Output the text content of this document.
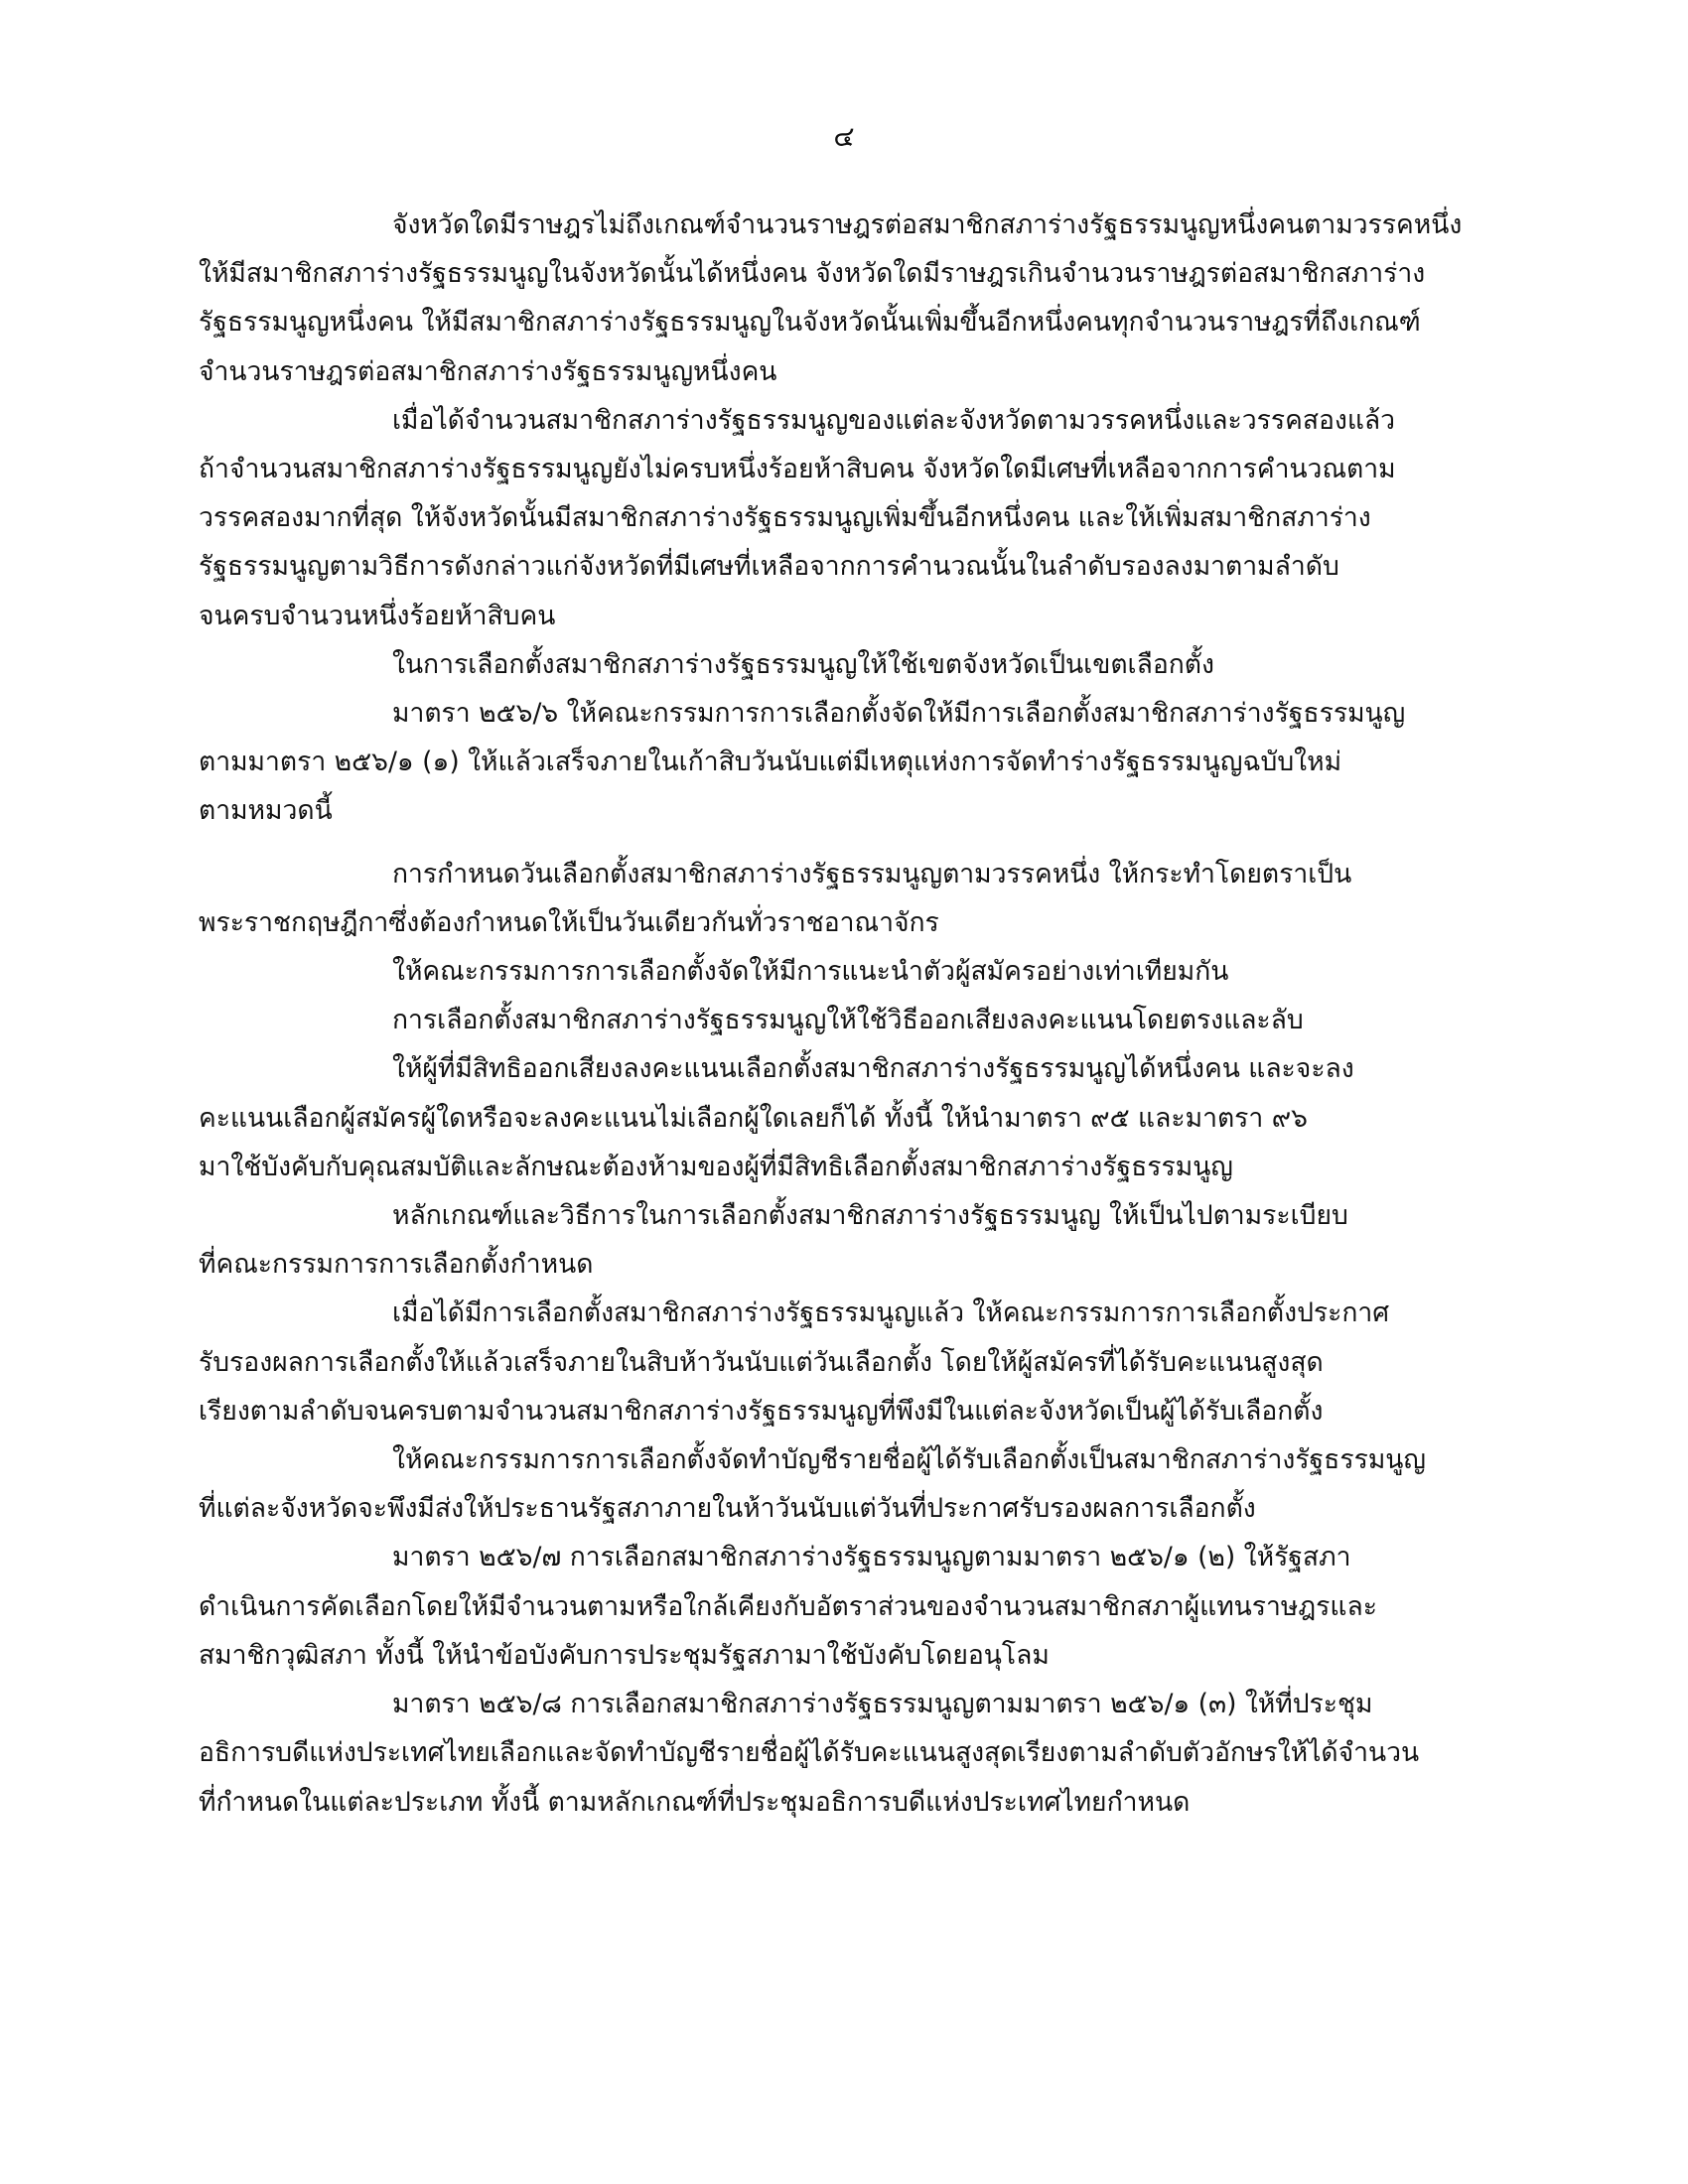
๔

จังหวัดใดมีราษฎรไม่ถึงเกณฑ์จำนวนราษฎรต่อสมาชิกสภาร่างรัฐธรรมนูญหนึ่งคนตามวรรคหนึ่ง
ให้มีสมาชิกสภาร่างรัฐธรรมนูญในจังหวัดนั้นได้หนึ่งคน จังหวัดใดมีราษฎรเกินจำนวนราษฎรต่อสมาชิกสภาร่าง
รัฐธรรมนูญหนึ่งคน ให้มีสมาชิกสภาร่างรัฐธรรมนูญในจังหวัดนั้นเพิ่มขึ้นอีกหนึ่งคนทุกจำนวนราษฎรที่ถึงเกณฑ์
จำนวนราษฎรต่อสมาชิกสภาร่างรัฐธรรมนูญหนึ่งคน

เมื่อได้จำนวนสมาชิกสภาร่างรัฐธรรมนูญของแต่ละจังหวัดตามวรรคหนึ่งและวรรคสองแล้ว
ถ้าจำนวนสมาชิกสภาร่างรัฐธรรมนูญยังไม่ครบหนึ่งร้อยห้าสิบคน จังหวัดใดมีเศษที่เหลือจากการคำนวณตาม
วรรคสองมากที่สุด ให้จังหวัดนั้นมีสมาชิกสภาร่างรัฐธรรมนูญเพิ่มขึ้นอีกหนึ่งคน และให้เพิ่มสมาชิกสภาร่าง
รัฐธรรมนูญตามวิธีการดังกล่าวแก่จังหวัดที่มีเศษที่เหลือจากการคำนวณนั้นในลำดับรองลงมาตามลำดับ
จนครบจำนวนหนึ่งร้อยห้าสิบคน

ในการเลือกตั้งสมาชิกสภาร่างรัฐธรรมนูญให้ใช้เขตจังหวัดเป็นเขตเลือกตั้ง

มาตรา ๒๕๖/๖ ให้คณะกรรมการการเลือกตั้งจัดให้มีการเลือกตั้งสมาชิกสภาร่างรัฐธรรมนูญ
ตามมาตรา ๒๕๖/๑ (๑) ให้แล้วเสร็จภายในเก้าสิบวันนับแต่มีเหตุแห่งการจัดทำร่างรัฐธรรมนูญฉบับใหม่
ตามหมวดนี้

การกำหนดวันเลือกตั้งสมาชิกสภาร่างรัฐธรรมนูญตามวรรคหนึ่ง ให้กระทำโดยตราเป็น
พระราชกฤษฎีกาซึ่งต้องกำหนดให้เป็นวันเดียวกันทั่วราชอาณาจักร

ให้คณะกรรมการการเลือกตั้งจัดให้มีการแนะนำตัวผู้สมัครอย่างเท่าเทียมกัน

การเลือกตั้งสมาชิกสภาร่างรัฐธรรมนูญให้ใช้วิธีออกเสียงลงคะแนนโดยตรงและลับ

ให้ผู้ที่มีสิทธิออกเสียงลงคะแนนเลือกตั้งสมาชิกสภาร่างรัฐธรรมนูญได้หนึ่งคน และจะลง
คะแนนเลือกผู้สมัครผู้ใดหรือจะลงคะแนนไม่เลือกผู้ใดเลยก็ได้ ทั้งนี้ ให้นำมาตรา ๙๕ และมาตรา ๙๖
มาใช้บังคับกับคุณสมบัติและลักษณะต้องห้ามของผู้ที่มีสิทธิเลือกตั้งสมาชิกสภาร่างรัฐธรรมนูญ

หลักเกณฑ์และวิธีการในการเลือกตั้งสมาชิกสภาร่างรัฐธรรมนูญ ให้เป็นไปตามระเบียบ
ที่คณะกรรมการการเลือกตั้งกำหนด

เมื่อได้มีการเลือกตั้งสมาชิกสภาร่างรัฐธรรมนูญแล้ว ให้คณะกรรมการการเลือกตั้งประกาศ
รับรองผลการเลือกตั้งให้แล้วเสร็จภายในสิบห้าวันนับแต่วันเลือกตั้ง โดยให้ผู้สมัครที่ได้รับคะแนนสูงสุด
เรียงตามลำดับจนครบตามจำนวนสมาชิกสภาร่างรัฐธรรมนูญที่พึงมีในแต่ละจังหวัดเป็นผู้ได้รับเลือกตั้ง

ให้คณะกรรมการการเลือกตั้งจัดทำบัญชีรายชื่อผู้ได้รับเลือกตั้งเป็นสมาชิกสภาร่างรัฐธรรมนูญ
ที่แต่ละจังหวัดจะพึงมีส่งให้ประธานรัฐสภาภายในห้าวันนับแต่วันที่ประกาศรับรองผลการเลือกตั้ง

มาตรา ๒๕๖/๗ การเลือกสมาชิกสภาร่างรัฐธรรมนูญตามมาตรา ๒๕๖/๑ (๒) ให้รัฐสภา
ดำเนินการคัดเลือกโดยให้มีจำนวนตามหรือใกล้เคียงกับอัตราส่วนของจำนวนสมาชิกสภาผู้แทนราษฎรและ
สมาชิกวุฒิสภา ทั้งนี้ ให้นำข้อบังคับการประชุมรัฐสภามาใช้บังคับโดยอนุโลม

มาตรา ๒๕๖/๘ การเลือกสมาชิกสภาร่างรัฐธรรมนูญตามมาตรา ๒๕๖/๑ (๓) ให้ที่ประชุม
อธิการบดีแห่งประเทศไทยเลือกและจัดทำบัญชีรายชื่อผู้ได้รับคะแนนสูงสุดเรียงตามลำดับตัวอักษรให้ได้จำนวน
ที่กำหนดในแต่ละประเภท ทั้งนี้ ตามหลักเกณฑ์ที่ประชุมอธิการบดีแห่งประเทศไทยกำหนด
